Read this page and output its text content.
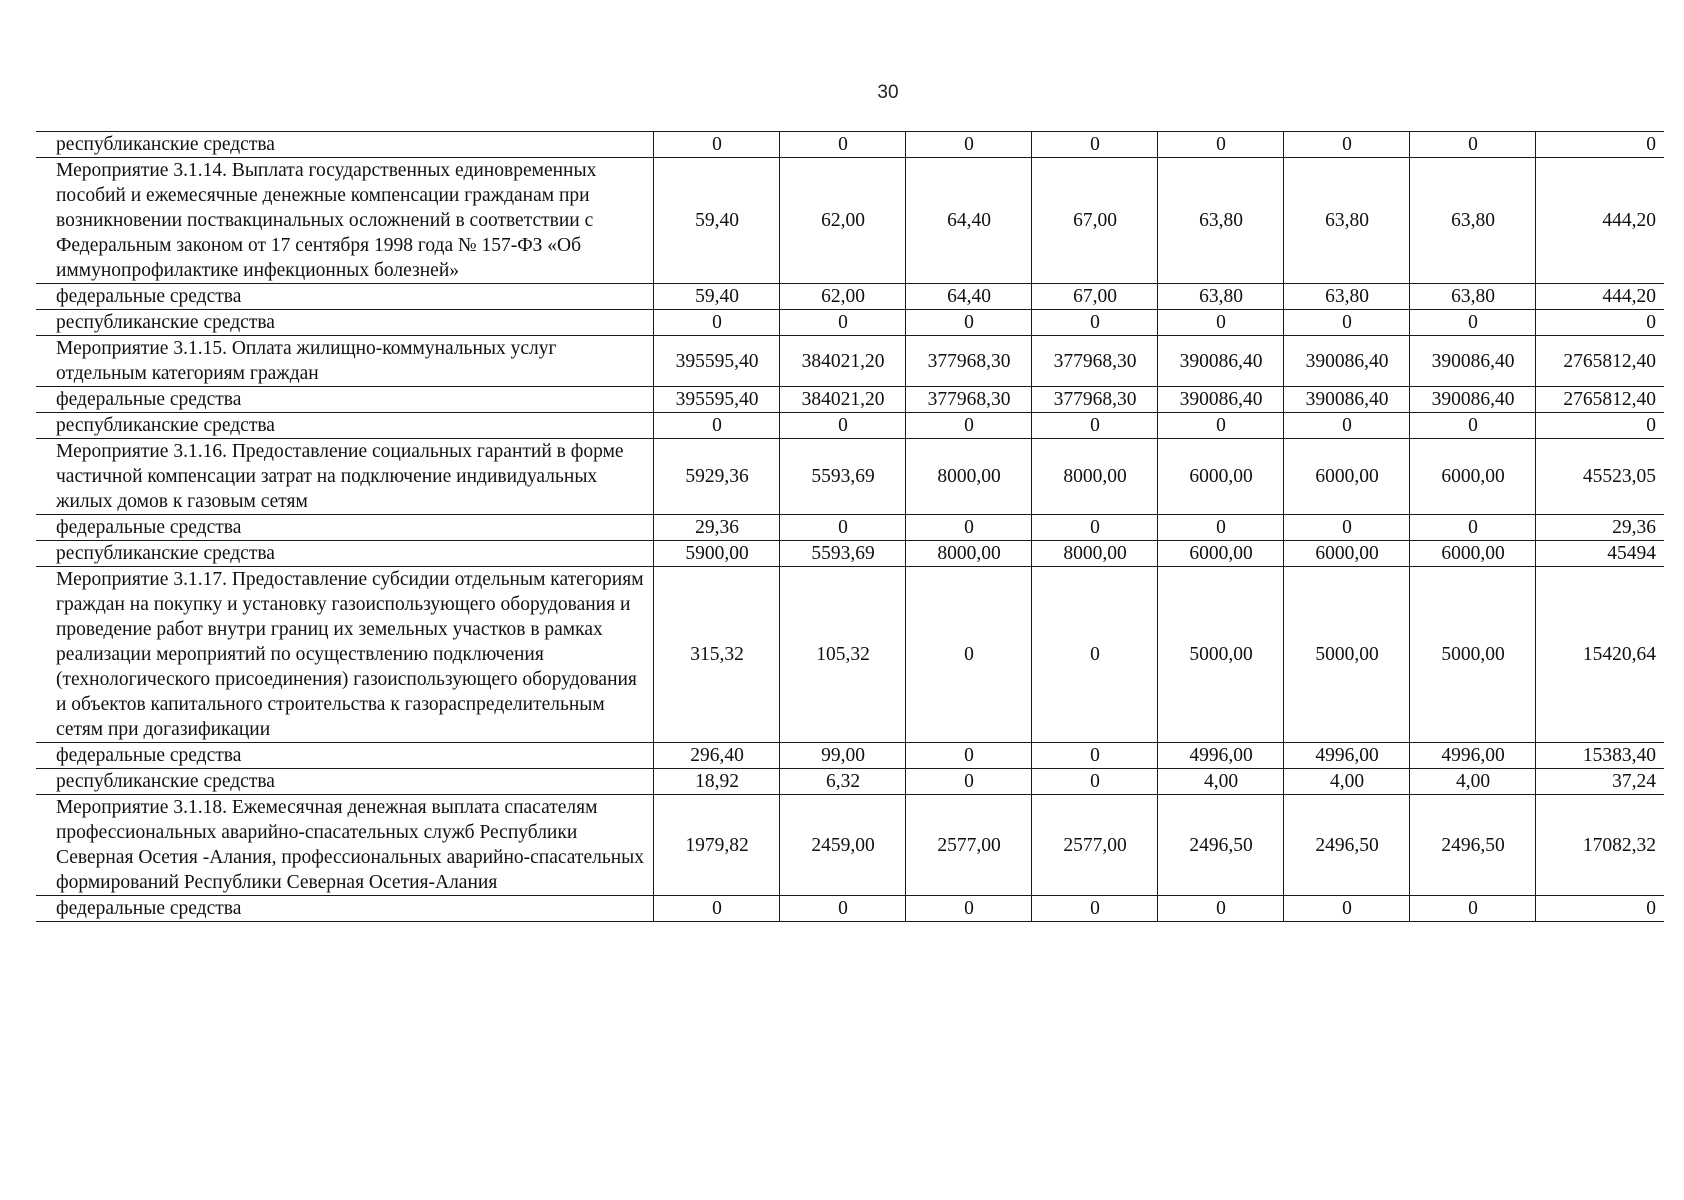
30
республиканские средства	0	0	0	0	0	0	0	0
Мероприятие 3.1.14. Выплата государственных единовременных пособий и ежемесячные денежные компенсации гражданам при возникновении поствакцинальных осложнений в соответствии с Федеральным законом от 17 сентября 1998 года № 157-ФЗ «Об иммунопрофилактике инфекционных болезней»	59,40	62,00	64,40	67,00	63,80	63,80	63,80	444,20
федеральные средства	59,40	62,00	64,40	67,00	63,80	63,80	63,80	444,20
республиканские средства	0	0	0	0	0	0	0	0
Мероприятие 3.1.15. Оплата жилищно-коммунальных услуг отдельным категориям граждан	395595,40	384021,20	377968,30	377968,30	390086,40	390086,40	390086,40	2765812,40
федеральные средства	395595,40	384021,20	377968,30	377968,30	390086,40	390086,40	390086,40	2765812,40
республиканские средства	0	0	0	0	0	0	0	0
Мероприятие 3.1.16. Предоставление социальных гарантий в форме частичной компенсации затрат на подключение индивидуальных жилых домов к газовым сетям	5929,36	5593,69	8000,00	8000,00	6000,00	6000,00	6000,00	45523,05
федеральные средства	29,36	0	0	0	0	0	0	29,36
республиканские средства	5900,00	5593,69	8000,00	8000,00	6000,00	6000,00	6000,00	45494
Мероприятие 3.1.17. Предоставление субсидии отдельным категориям граждан на покупку и установку газоиспользующего оборудования и проведение работ внутри границ их земельных участков в рамках реализации мероприятий по осуществлению подключения (технологического присоединения) газоиспользующего оборудования и объектов капитального строительства к газораспределительным сетям при догазификации	315,32	105,32	0	0	5000,00	5000,00	5000,00	15420,64
федеральные средства	296,40	99,00	0	0	4996,00	4996,00	4996,00	15383,40
республиканские средства	18,92	6,32	0	0	4,00	4,00	4,00	37,24
Мероприятие 3.1.18. Ежемесячная денежная выплата спасателям профессиональных аварийно-спасательных служб Республики Северная Осетия -Алания, профессиональных аварийно-спасательных формирований Республики Северная Осетия-Алания	1979,82	2459,00	2577,00	2577,00	2496,50	2496,50	2496,50	17082,32
федеральные средства	0	0	0	0	0	0	0	0
